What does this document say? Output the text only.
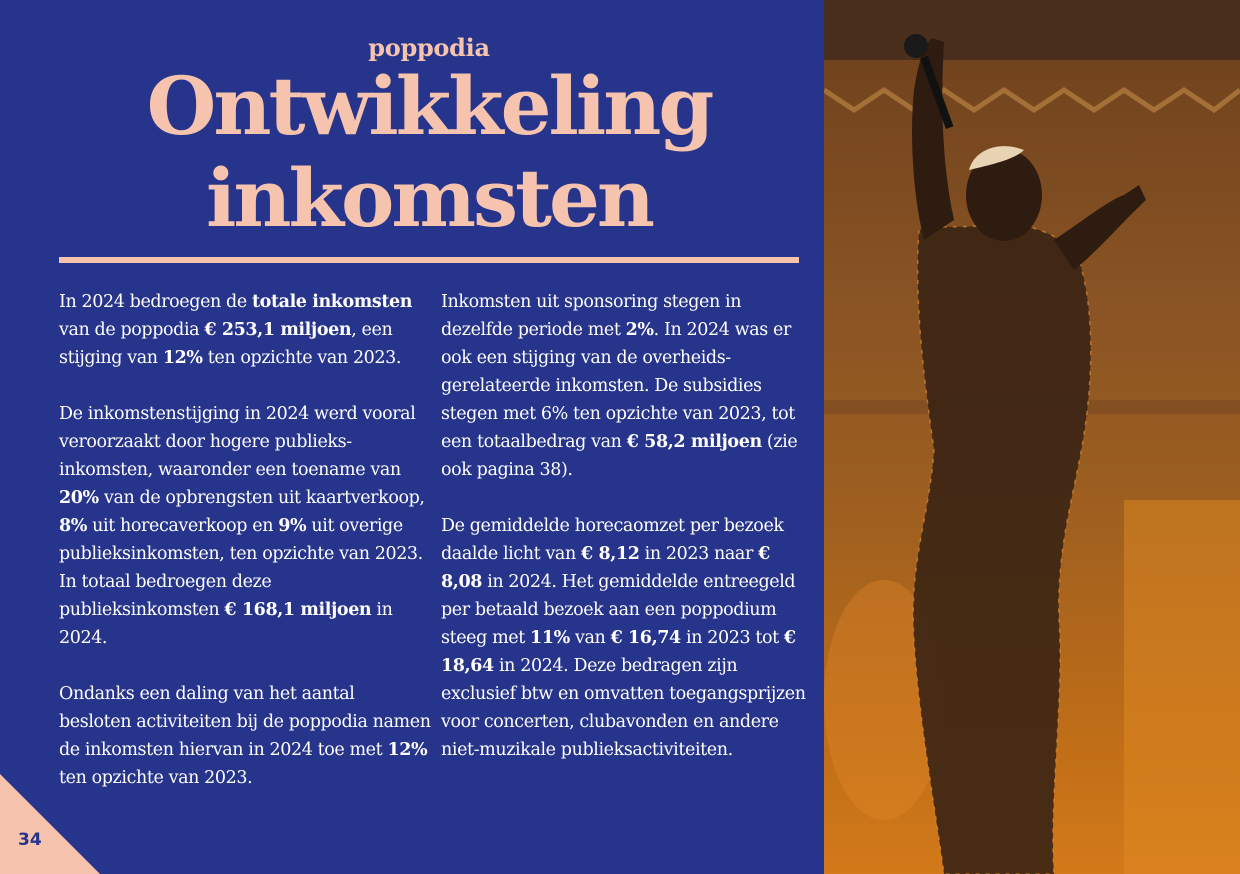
poppodia
Ontwikkeling
inkomsten

In 2024 bedroegen de totale inkomsten van de poppodia € 253,1 miljoen, een stijging van 12% ten opzichte van 2023.

De inkomstenstijging in 2024 werd vooral veroorzaakt door hogere publieks-inkomsten, waaronder een toename van 20% van de opbrengsten uit kaartverkoop, 8% uit horecaverkoop en 9% uit overige publieksinkomsten, ten opzichte van 2023. In totaal bedroegen deze publieksinkomsten € 168,1 miljoen in 2024.

Ondanks een daling van het aantal besloten activiteiten bij de poppodia namen de inkomsten hiervan in 2024 toe met 12% ten opzichte van 2023.

Inkomsten uit sponsoring stegen in dezelfde periode met 2%. In 2024 was er ook een stijging van de overheids-gerelateerde inkomsten. De subsidies stegen met 6% ten opzichte van 2023, tot een totaalbedrag van € 58,2 miljoen (zie ook pagina 38).

De gemiddelde horecaomzet per bezoek daalde licht van € 8,12 in 2023 naar € 8,08 in 2024. Het gemiddelde entreegeld per betaald bezoek aan een poppodium steeg met 11% van € 16,74 in 2023 tot € 18,64 in 2024. Deze bedragen zijn exclusief btw en omvatten toegangsprijzen voor concerten, clubavonden en andere niet-muzikale publieksactiviteiten.

34
